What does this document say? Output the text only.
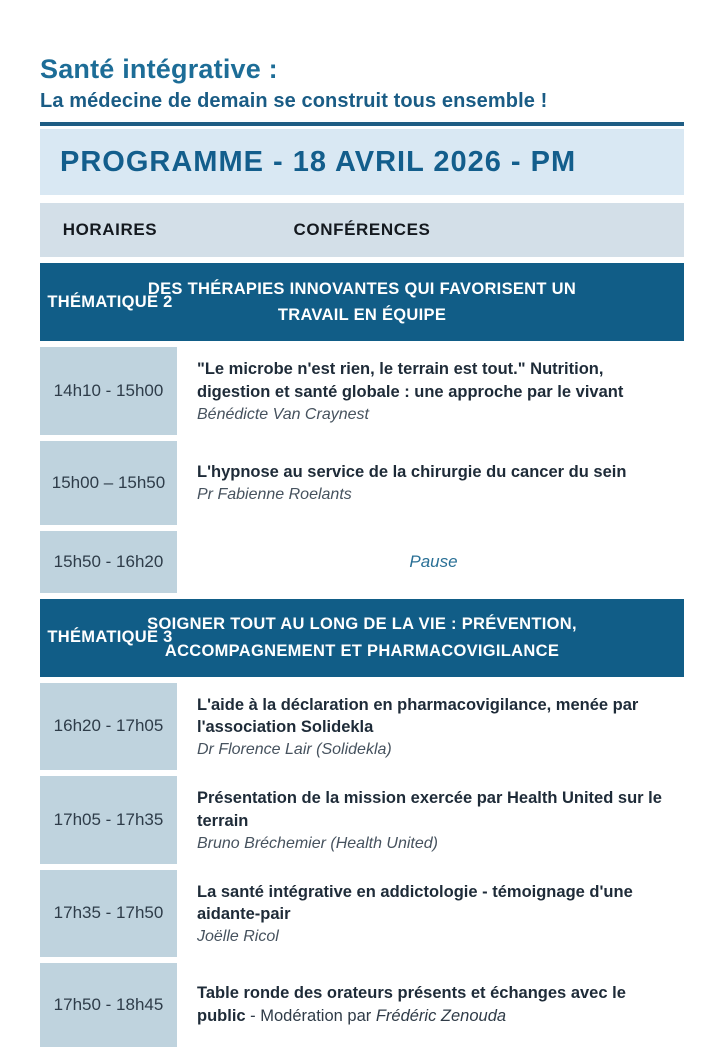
Santé intégrative :
La médecine de demain se construit tous ensemble !
PROGRAMME - 18 AVRIL 2026 - PM
HORAIRES	CONFÉRENCES
THÉMATIQUE 2
DES THÉRAPIES INNOVANTES QUI FAVORISENT UN TRAVAIL EN ÉQUIPE
14h10 - 15h00
"Le microbe n'est rien, le terrain est tout." Nutrition, digestion et santé globale : une approche par le vivant
Bénédicte Van Craynest
15h00 – 15h50
L'hypnose au service de la chirurgie du cancer du sein
Pr Fabienne Roelants
15h50 - 16h20	Pause
THÉMATIQUE 3
SOIGNER TOUT AU LONG DE LA VIE : PRÉVENTION, ACCOMPAGNEMENT ET PHARMACOVIGILANCE
16h20 - 17h05
L'aide à la déclaration en pharmacovigilance, menée par l'association Solidekla
Dr Florence Lair (Solidekla)
17h05 - 17h35
Présentation de la mission exercée par Health United sur le terrain
Bruno Bréchemier (Health United)
17h35 - 17h50
La santé intégrative en addictologie - témoignage d'une aidante-pair
Joëlle Ricol
17h50 - 18h45
Table ronde des orateurs présents et échanges avec le public - Modération par Frédéric Zenouda
